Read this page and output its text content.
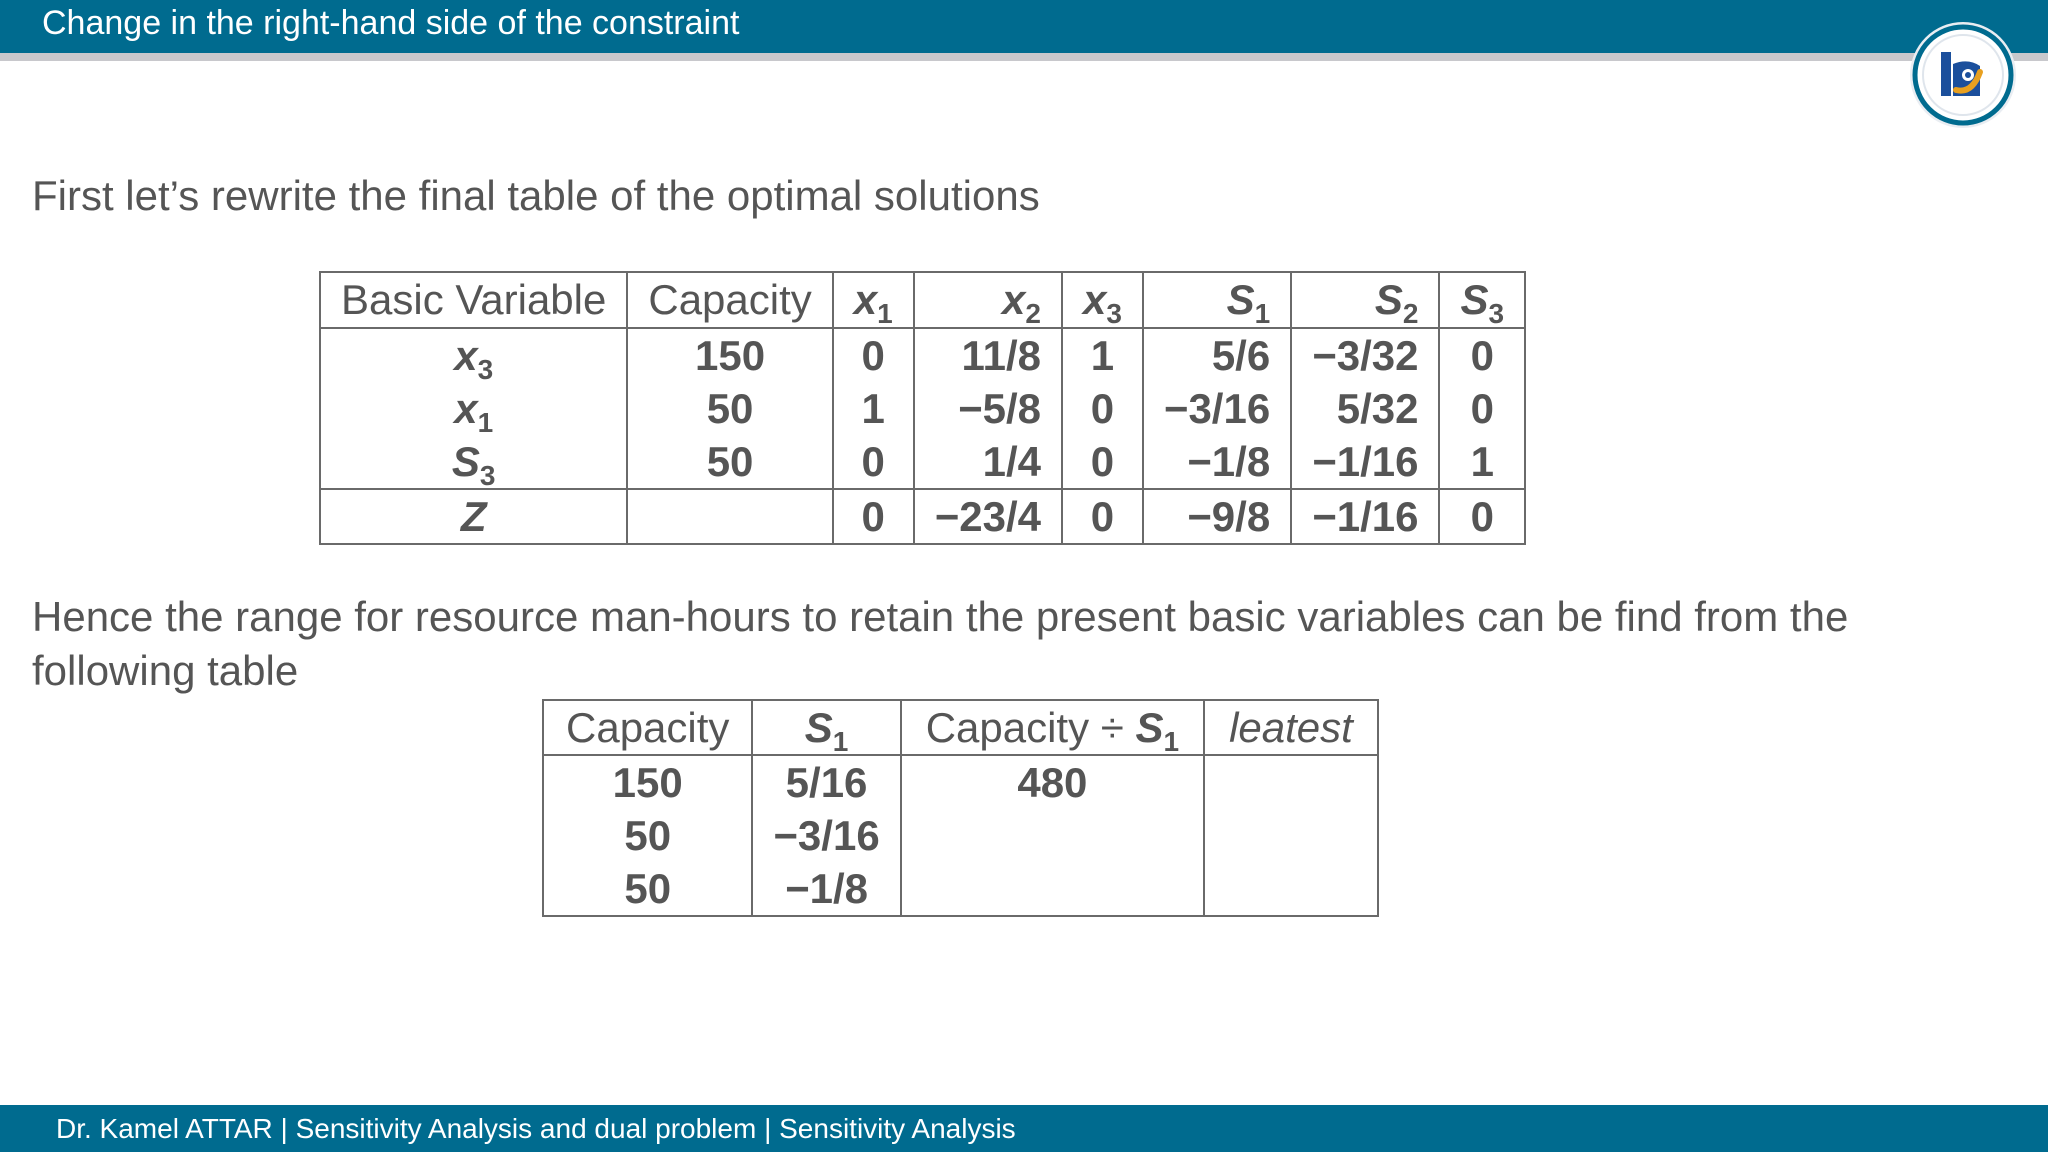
Change in the right-hand side of the constraint
First let’s rewrite the final table of the optimal solutions
Basic Variable	Capacity	$x_1$	$x_2$	$x_3$	$S_1$	$S_2$	$S_3$
$x_3$	150	0	11/8	1	5/6	−3/32	0
$x_1$	50	1	−5/8	0	−3/16	5/32	0
$S_3$	50	0	1/4	0	−1/8	−1/16	1
Z		0	−23/4	0	−9/8	−1/16	0
Hence the range for resource man-hours to retain the present basic variables can be find from the following table
Capacity	$S_1$	Capacity ÷ $S_1$	leatest
150	5/16	480	
50	−3/16		
50	−1/8		
Dr. Kamel ATTAR | Sensitivity Analysis and dual problem | Sensitivity Analysis
